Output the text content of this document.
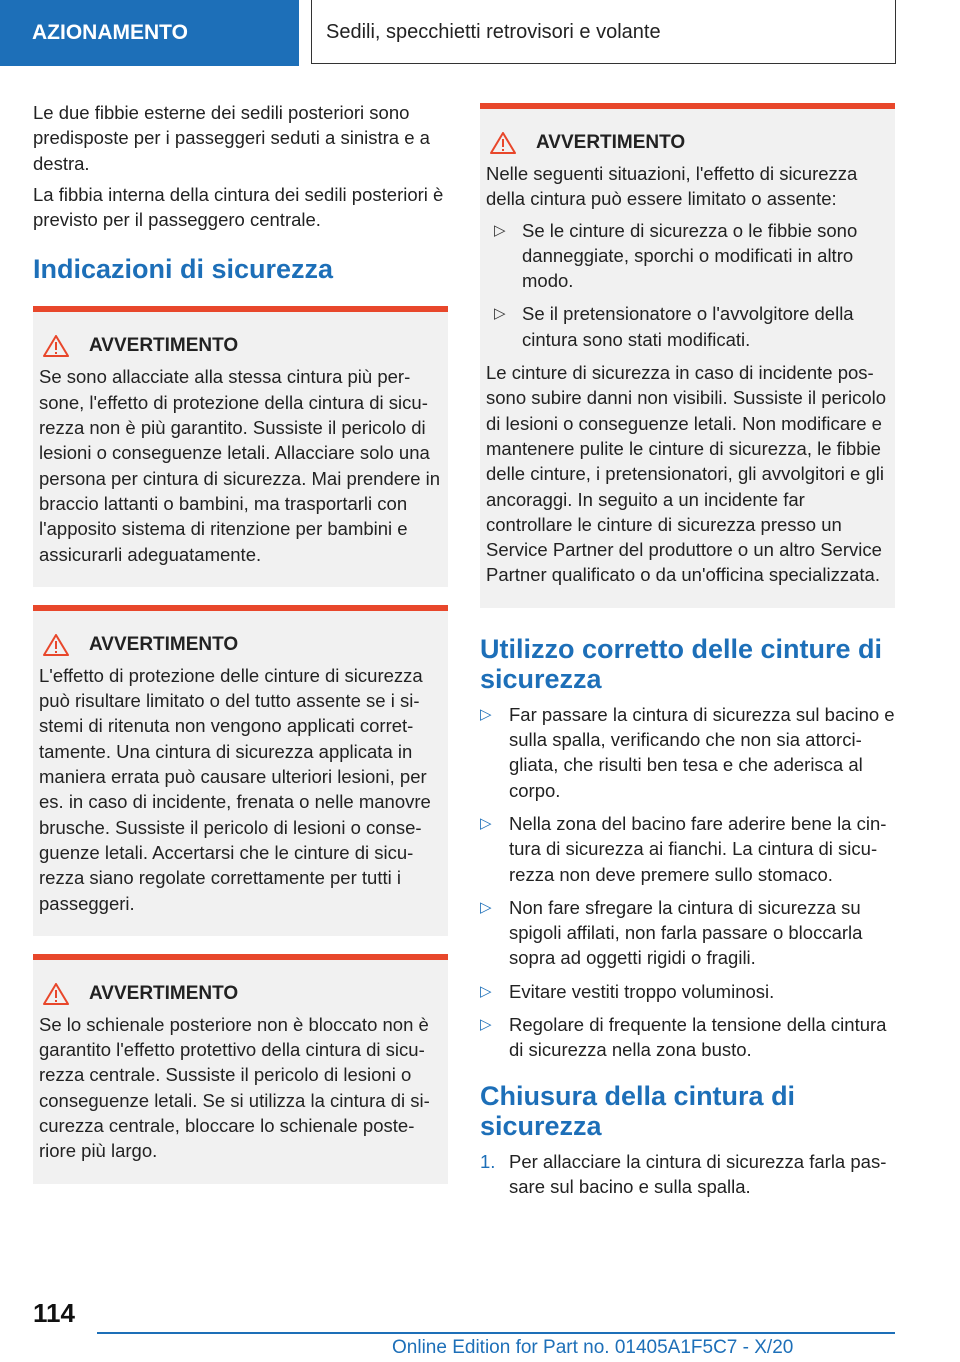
AZIONAMENTO	Sedili, specchietti retrovisori e volante

Le due fibbie esterne dei sedili posteriori sono predisposte per i passeggeri seduti a sinistra e a destra.

La fibbia interna della cintura dei sedili posteriori è previsto per il passeggero centrale.

Indicazioni di sicurezza
AVVERTIMENTO

Se sono allacciate alla stessa cintura più persone, l'effetto di protezione della cintura di sicurezza non è più garantito. Sussiste il pericolo di lesioni o conseguenze letali. Allacciare solo una persona per cintura di sicurezza. Mai prendere in braccio lattanti o bambini, ma trasportarli con l'apposito sistema di ritenzione per bambini e assicurarli adeguatamente.

AVVERTIMENTO

L'effetto di protezione delle cinture di sicurezza può risultare limitato o del tutto assente se i sistemi di ritenuta non vengono applicati correttamente. Una cintura di sicurezza applicata in maniera errata può causare ulteriori lesioni, per es. in caso di incidente, frenata o nelle manovre brusche. Sussiste il pericolo di lesioni o conseguenze letali. Accertarsi che le cinture di sicurezza siano regolate correttamente per tutti i passeggeri.

AVVERTIMENTO

Se lo schienale posteriore non è bloccato non è garantito l'effetto protettivo della cintura di sicurezza centrale. Sussiste il pericolo di lesioni o conseguenze letali. Se si utilizza la cintura di sicurezza centrale, bloccare lo schienale posteriore più largo.

AVVERTIMENTO

Nelle seguenti situazioni, l'effetto di sicurezza della cintura può essere limitato o assente:

▷ Se le cinture di sicurezza o le fibbie sono danneggiate, sporchi o modificati in altro modo.
▷ Se il pretensionatore o l'avvolgitore della cintura sono stati modificati.

Le cinture di sicurezza in caso di incidente possono subire danni non visibili. Sussiste il pericolo di lesioni o conseguenze letali. Non modificare e mantenere pulite le cinture di sicurezza, le fibbie delle cinture, i pretensionatori, gli avvolgitori e gli ancoraggi. In seguito a un incidente far controllare le cinture di sicurezza presso un Service Partner del produttore o un altro Service Partner qualificato o da un'officina specializzata.

Utilizzo corretto delle cinture di sicurezza
▷ Far passare la cintura di sicurezza sul bacino e sulla spalla, verificando che non sia attorcigliata, che risulti ben tesa e che aderisca al corpo.
▷ Nella zona del bacino fare aderire bene la cintura di sicurezza ai fianchi. La cintura di sicurezza non deve premere sullo stomaco.
▷ Non fare sfregare la cintura di sicurezza su spigoli affilati, non farla passare o bloccarla sopra ad oggetti rigidi o fragili.
▷ Evitare vestiti troppo voluminosi.
▷ Regolare di frequente la tensione della cintura di sicurezza nella zona busto.
Chiusura della cintura di sicurezza
1. Per allacciare la cintura di sicurezza farla passare sul bacino e sulla spalla.
114
Online Edition for Part no. 01405A1F5C7 - X/20
